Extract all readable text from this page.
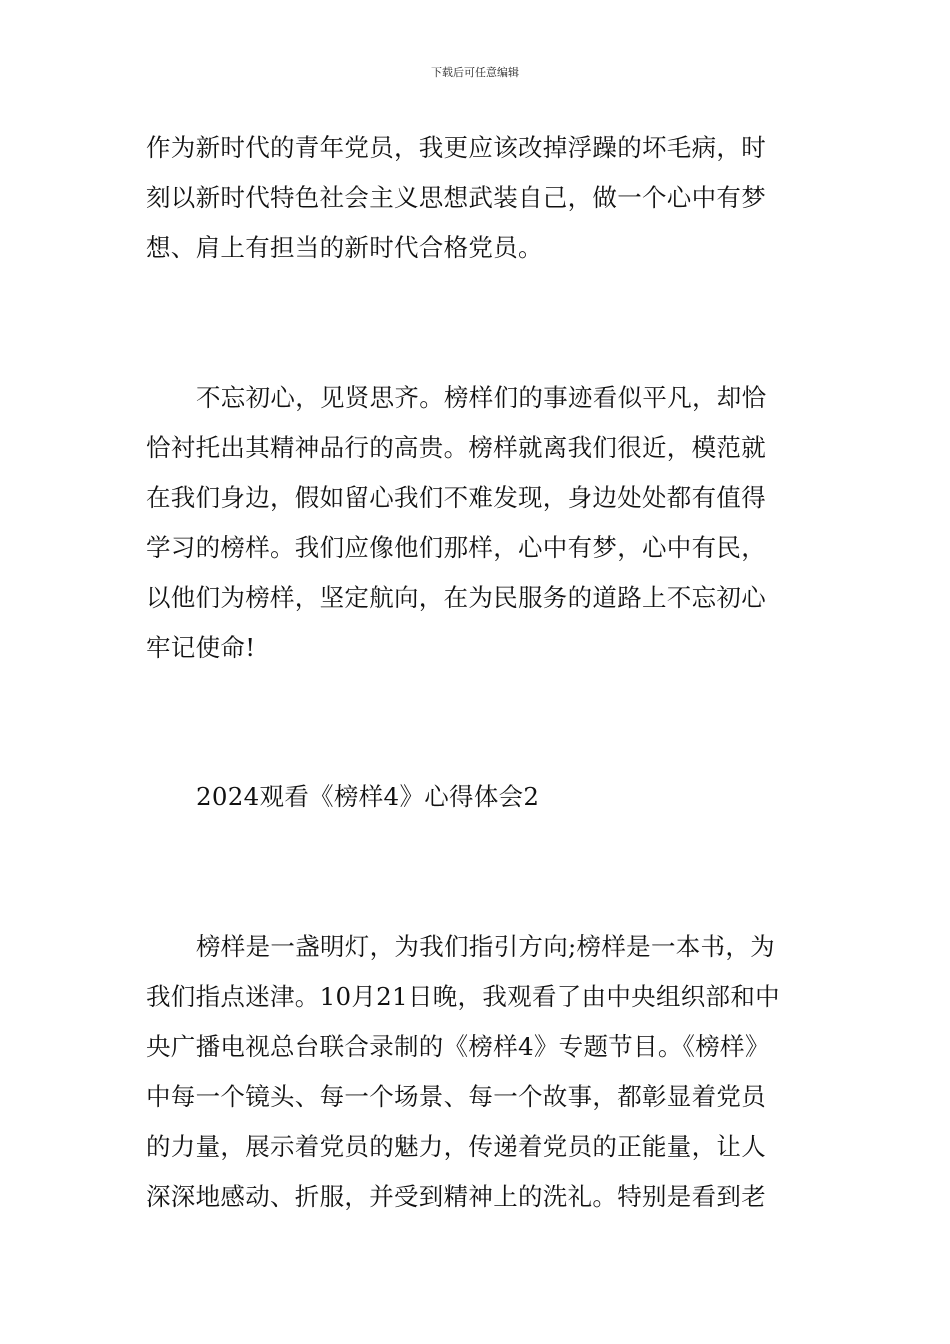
下载后可任意编辑
作为新时代的青年党员，我更应该改掉浮躁的坏毛病，时
刻以新时代特色社会主义思想武装自己，做一个心中有梦
想、肩上有担当的新时代合格党员。
不忘初心，见贤思齐。榜样们的事迹看似平凡，却恰
恰衬托出其精神品行的高贵。榜样就离我们很近，模范就
在我们身边，假如留心我们不难发现，身边处处都有值得
学习的榜样。我们应像他们那样，心中有梦，心中有民，
以他们为榜样，坚定航向，在为民服务的道路上不忘初心
牢记使命!
2024观看《榜样4》心得体会2
榜样是一盏明灯，为我们指引方向;榜样是一本书，为
我们指点迷津。10月21日晚，我观看了由中央组织部和中
央广播电视总台联合录制的《榜样4》专题节目。《榜样》
中每一个镜头、每一个场景、每一个故事，都彰显着党员
的力量，展示着党员的魅力，传递着党员的正能量，让人
深深地感动、折服，并受到精神上的洗礼。特别是看到老
